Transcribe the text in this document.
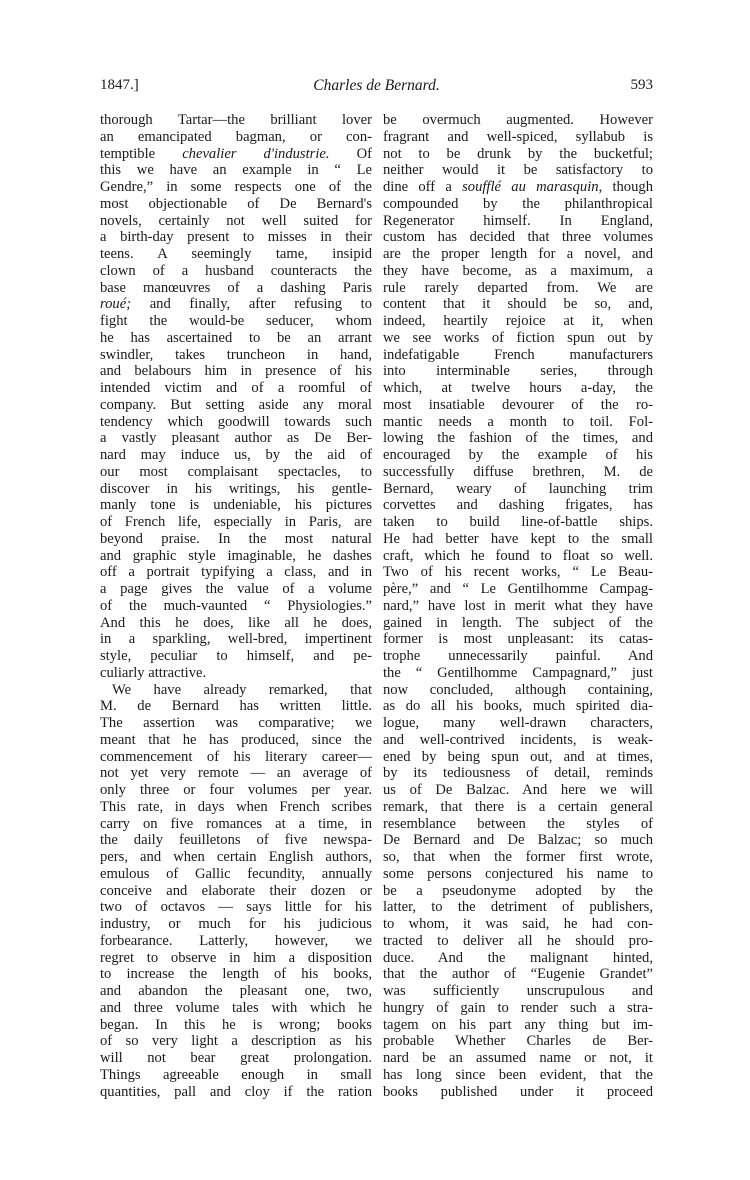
1847.]	Charles de Bernard.	593
thorough Tartar—the brilliant lover
an emancipated bagman, or con-
temptible chevalier d'industrie. Of
this we have an example in “ Le
Gendre,” in some respects one of the
most objectionable of De Bernard's
novels, certainly not well suited for
a birth-day present to misses in their
teens. A seemingly tame, insipid
clown of a husband counteracts the
base manœuvres of a dashing Paris
roué; and finally, after refusing to
fight the would-be seducer, whom
he has ascertained to be an arrant
swindler, takes truncheon in hand,
and belabours him in presence of his
intended victim and of a roomful of
company. But setting aside any moral
tendency which goodwill towards such
a vastly pleasant author as De Ber-
nard may induce us, by the aid of
our most complaisant spectacles, to
discover in his writings, his gentle-
manly tone is undeniable, his pictures
of French life, especially in Paris, are
beyond praise. In the most natural
and graphic style imaginable, he dashes
off a portrait typifying a class, and in
a page gives the value of a volume
of the much-vaunted “ Physiologies.”
And this he does, like all he does,
in a sparkling, well-bred, impertinent
style, peculiar to himself, and pe-
culiarly attractive.
We have already remarked, that
M. de Bernard has written little.
The assertion was comparative; we
meant that he has produced, since the
commencement of his literary career—
not yet very remote — an average of
only three or four volumes per year.
This rate, in days when French scribes
carry on five romances at a time, in
the daily feuilletons of five newspa-
pers, and when certain English authors,
emulous of Gallic fecundity, annually
conceive and elaborate their dozen or
two of octavos — says little for his
industry, or much for his judicious
forbearance. Latterly, however, we
regret to observe in him a disposition
to increase the length of his books,
and abandon the pleasant one, two,
and three volume tales with which he
began. In this he is wrong; books
of so very light a description as his
will not bear great prolongation.
Things agreeable enough in small
quantities, pall and cloy if the ration
be overmuch augmented. However
fragrant and well-spiced, syllabub is
not to be drunk by the bucketful;
neither would it be satisfactory to
dine off a soufflé au marasquin, though
compounded by the philanthropical
Regenerator himself. In England,
custom has decided that three volumes
are the proper length for a novel, and
they have become, as a maximum, a
rule rarely departed from. We are
content that it should be so, and,
indeed, heartily rejoice at it, when
we see works of fiction spun out by
indefatigable French manufacturers
into interminable series, through
which, at twelve hours a-day, the
most insatiable devourer of the ro-
mantic needs a month to toil. Fol-
lowing the fashion of the times, and
encouraged by the example of his
successfully diffuse brethren, M. de
Bernard, weary of launching trim
corvettes and dashing frigates, has
taken to build line-of-battle ships.
He had better have kept to the small
craft, which he found to float so well.
Two of his recent works, “ Le Beau-
père,” and “ Le Gentilhomme Campag-
nard,” have lost in merit what they have
gained in length. The subject of the
former is most unpleasant: its catas-
trophe unnecessarily painful. And
the “ Gentilhomme Campagnard,” just
now concluded, although containing,
as do all his books, much spirited dia-
logue, many well-drawn characters,
and well-contrived incidents, is weak-
ened by being spun out, and at times,
by its tediousness of detail, reminds
us of De Balzac. And here we will
remark, that there is a certain general
resemblance between the styles of
De Bernard and De Balzac; so much
so, that when the former first wrote,
some persons conjectured his name to
be a pseudonyme adopted by the
latter, to the detriment of publishers,
to whom, it was said, he had con-
tracted to deliver all he should pro-
duce. And the malignant hinted,
that the author of “Eugenie Grandet”
was sufficiently unscrupulous and
hungry of gain to render such a stra-
tagem on his part any thing but im-
probable Whether Charles de Ber-
nard be an assumed name or not, it
has long since been evident, that the
books published under it proceed
